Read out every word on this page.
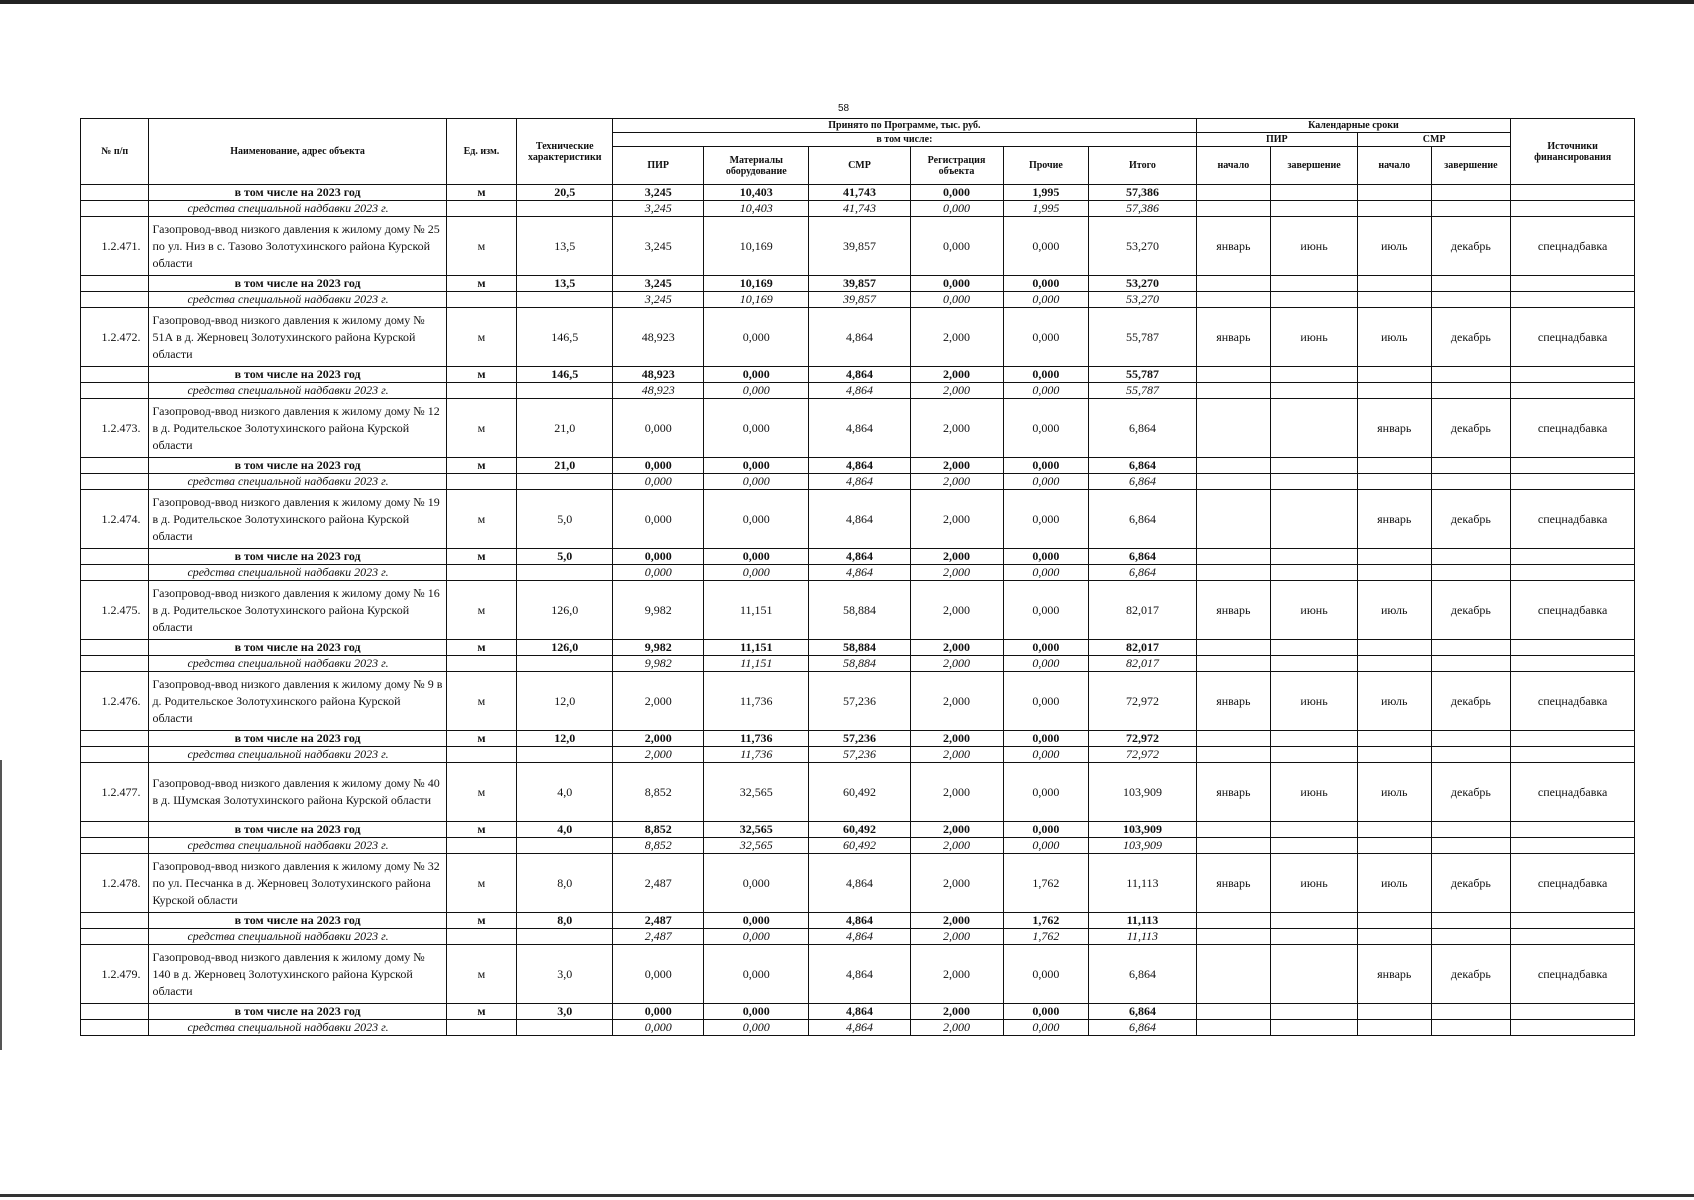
58
№ п/п	Наименование, адрес объекта	Ед. изм.	Технические характеристики	Принято по Программе, тыс. руб.						Календарные сроки				Источники финансирования
				в том числе:						ПИР		СМР		
				ПИР	Материалы оборудование	СМР	Регистрация объекта	Прочие	Итого	начало	завершение	начало	завершение	
	в том числе на 2023 год	м	20,5	3,245	10,403	41,743	0,000	1,995	57,386					
	средства специальной надбавки 2023 г.			3,245	10,403	41,743	0,000	1,995	57,386					
1.2.471.	Газопровод-ввод низкого давления к жилому дому № 25 по ул. Низ в с. Тазово Золотухинского района Курской области	м	13,5	3,245	10,169	39,857	0,000	0,000	53,270	январь	июнь	июль	декабрь	спецнадбавка
	в том числе на 2023 год	м	13,5	3,245	10,169	39,857	0,000	0,000	53,270					
	средства специальной надбавки 2023 г.			3,245	10,169	39,857	0,000	0,000	53,270					
1.2.472.	Газопровод-ввод низкого давления к жилому дому № 51А в д. Жерновец Золотухинского района Курской области	м	146,5	48,923	0,000	4,864	2,000	0,000	55,787	январь	июнь	июль	декабрь	спецнадбавка
	в том числе на 2023 год	м	146,5	48,923	0,000	4,864	2,000	0,000	55,787					
	средства специальной надбавки 2023 г.			48,923	0,000	4,864	2,000	0,000	55,787					
1.2.473.	Газопровод-ввод низкого давления к жилому дому № 12 в д. Родительское Золотухинского района Курской области	м	21,0	0,000	0,000	4,864	2,000	0,000	6,864			январь	декабрь	спецнадбавка
	в том числе на 2023 год	м	21,0	0,000	0,000	4,864	2,000	0,000	6,864					
	средства специальной надбавки 2023 г.			0,000	0,000	4,864	2,000	0,000	6,864					
1.2.474.	Газопровод-ввод низкого давления к жилому дому № 19 в д. Родительское Золотухинского района Курской области	м	5,0	0,000	0,000	4,864	2,000	0,000	6,864			январь	декабрь	спецнадбавка
	в том числе на 2023 год	м	5,0	0,000	0,000	4,864	2,000	0,000	6,864					
	средства специальной надбавки 2023 г.			0,000	0,000	4,864	2,000	0,000	6,864					
1.2.475.	Газопровод-ввод низкого давления к жилому дому № 16 в д. Родительское Золотухинского района Курской области	м	126,0	9,982	11,151	58,884	2,000	0,000	82,017	январь	июнь	июль	декабрь	спецнадбавка
	в том числе на 2023 год	м	126,0	9,982	11,151	58,884	2,000	0,000	82,017					
	средства специальной надбавки 2023 г.			9,982	11,151	58,884	2,000	0,000	82,017					
1.2.476.	Газопровод-ввод низкого давления к жилому дому № 9 в д. Родительское Золотухинского района Курской области	м	12,0	2,000	11,736	57,236	2,000	0,000	72,972	январь	июнь	июль	декабрь	спецнадбавка
	в том числе на 2023 год	м	12,0	2,000	11,736	57,236	2,000	0,000	72,972					
	средства специальной надбавки 2023 г.			2,000	11,736	57,236	2,000	0,000	72,972					
1.2.477.	Газопровод-ввод низкого давления к жилому дому № 40 в д. Шумская Золотухинского района Курской области	м	4,0	8,852	32,565	60,492	2,000	0,000	103,909	январь	июнь	июль	декабрь	спецнадбавка
	в том числе на 2023 год	м	4,0	8,852	32,565	60,492	2,000	0,000	103,909					
	средства специальной надбавки 2023 г.			8,852	32,565	60,492	2,000	0,000	103,909					
1.2.478.	Газопровод-ввод низкого давления к жилому дому № 32 по ул. Песчанка в д. Жерновец Золотухинского района Курской области	м	8,0	2,487	0,000	4,864	2,000	1,762	11,113	январь	июнь	июль	декабрь	спецнадбавка
	в том числе на 2023 год	м	8,0	2,487	0,000	4,864	2,000	1,762	11,113					
	средства специальной надбавки 2023 г.			2,487	0,000	4,864	2,000	1,762	11,113					
1.2.479.	Газопровод-ввод низкого давления к жилому дому № 140 в д. Жерновец Золотухинского района Курской области	м	3,0	0,000	0,000	4,864	2,000	0,000	6,864			январь	декабрь	спецнадбавка
	в том числе на 2023 год	м	3,0	0,000	0,000	4,864	2,000	0,000	6,864					
	средства специальной надбавки 2023 г.			0,000	0,000	4,864	2,000	0,000	6,864					
